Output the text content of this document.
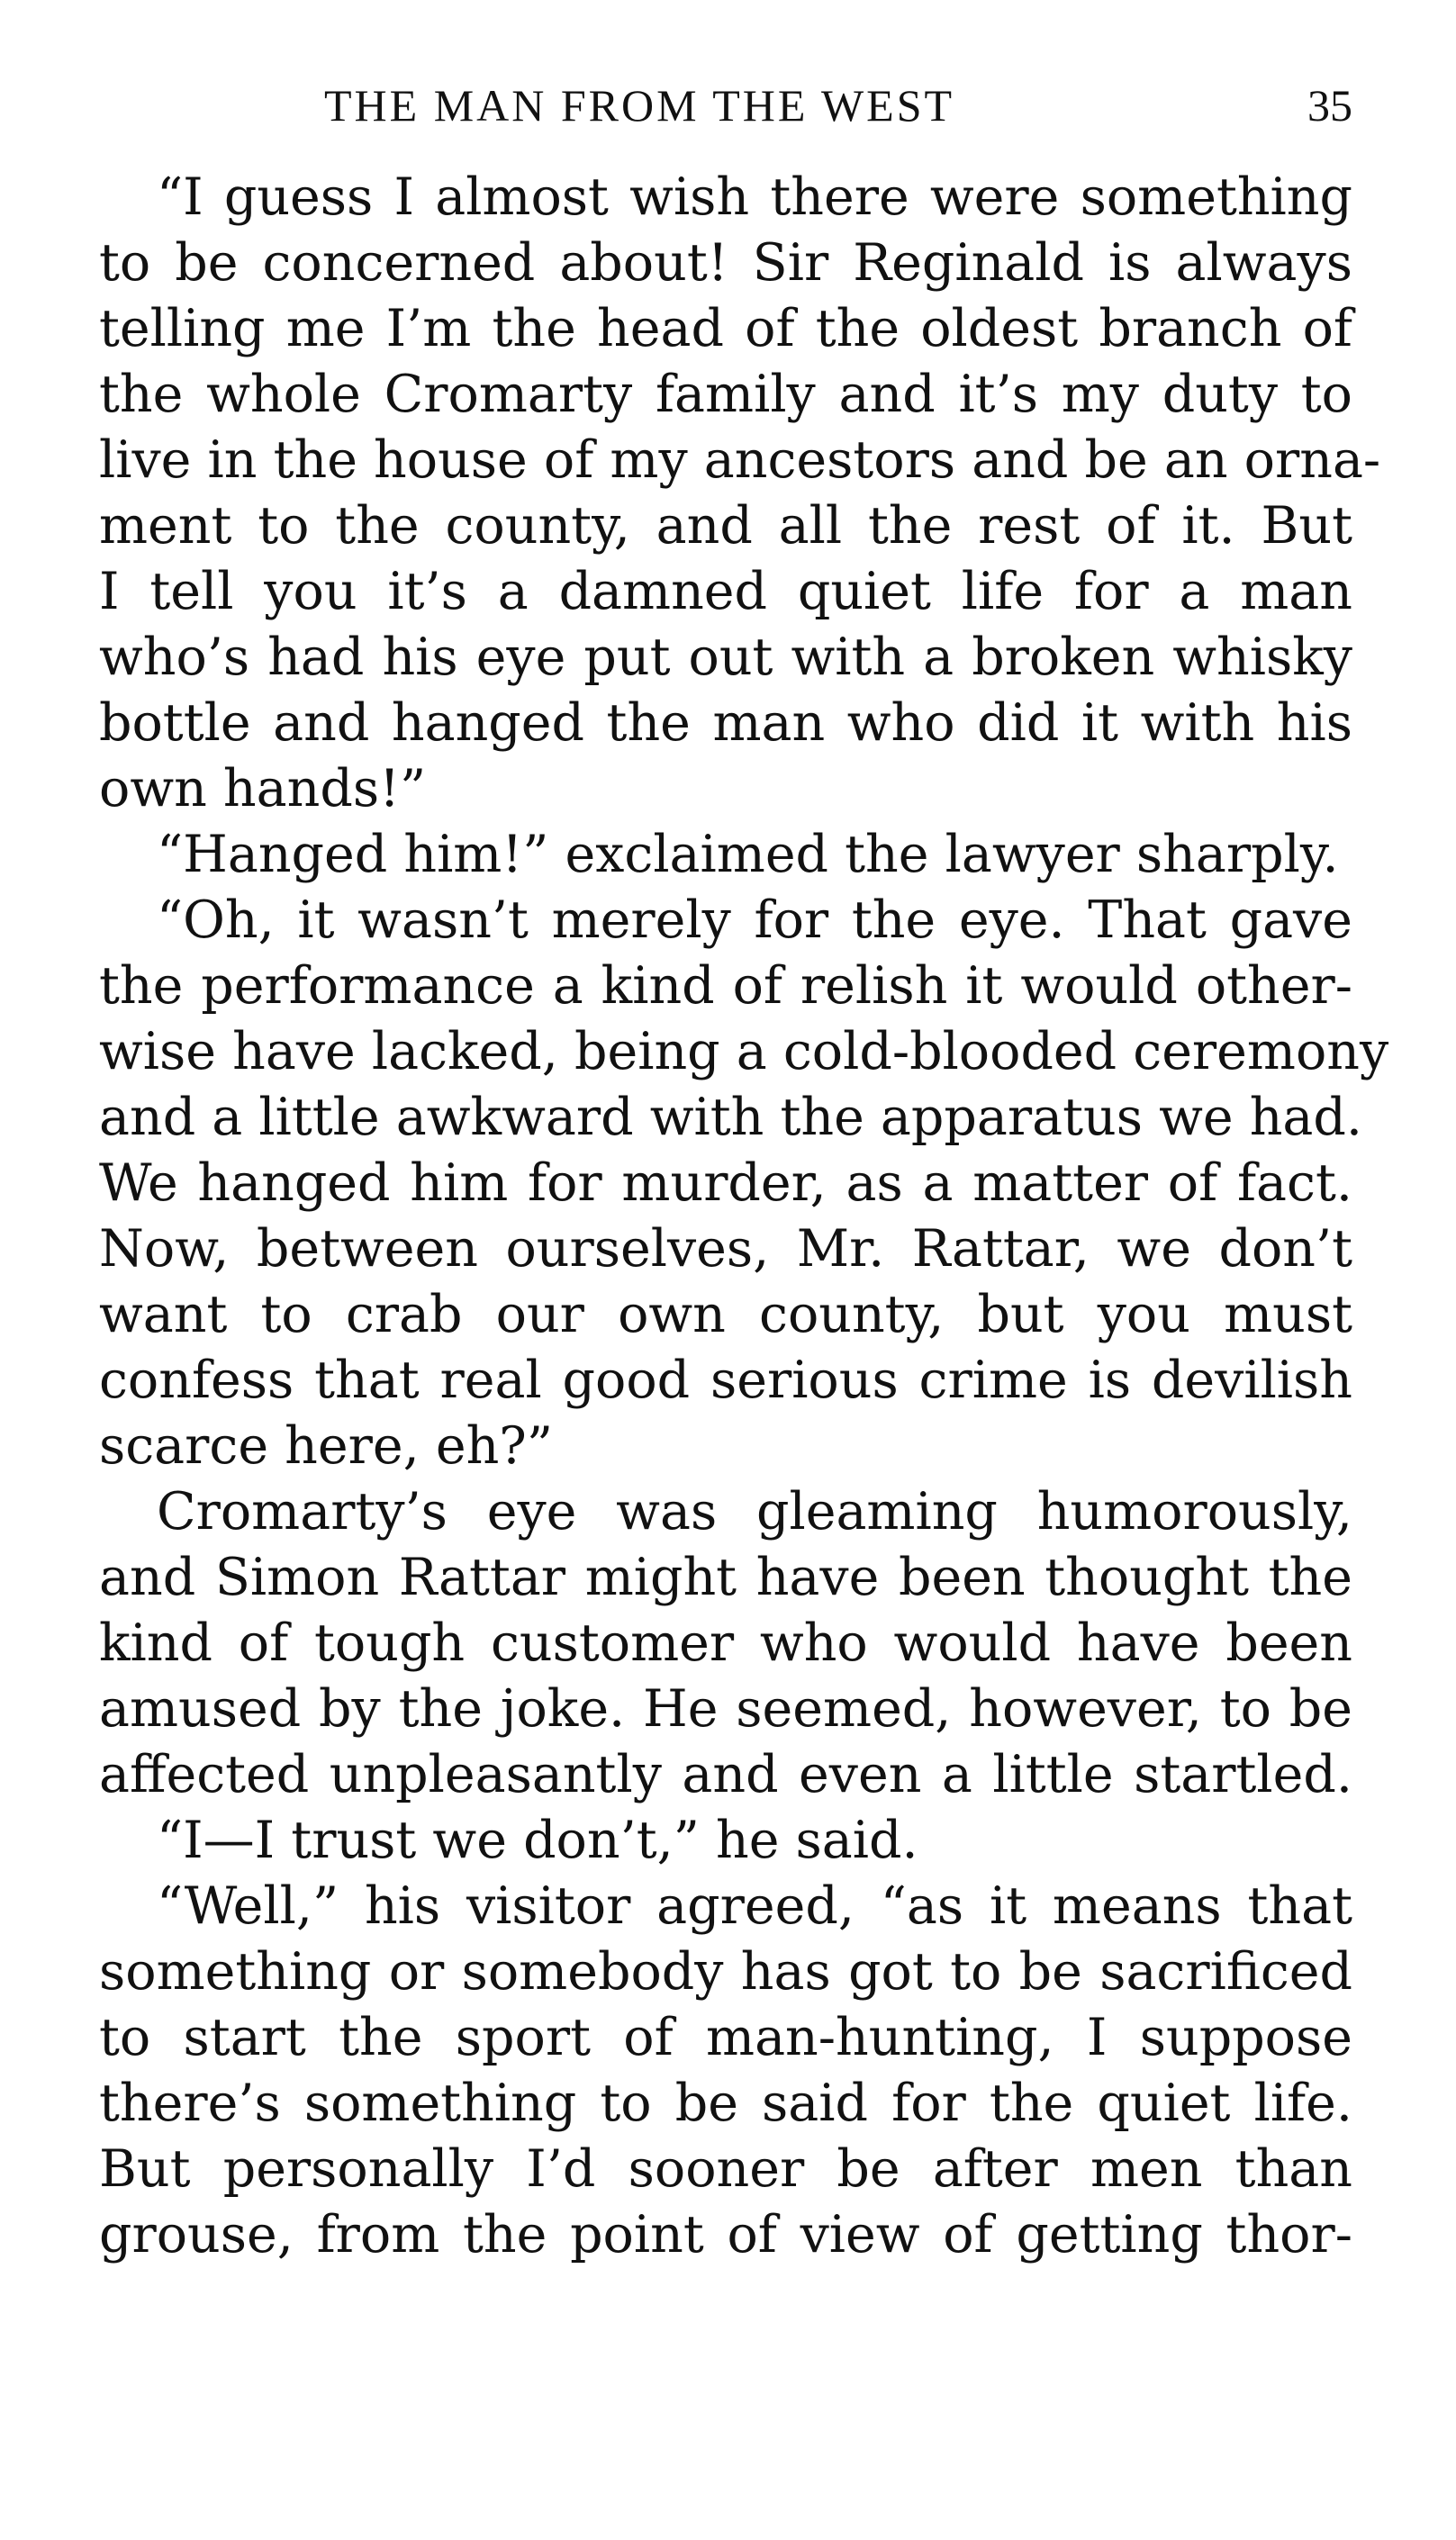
THE MAN FROM THE WEST	35
“I guess I almost wish there were something
to be concerned about! Sir Reginald is always
telling me I’m the head of the oldest branch of
the whole Cromarty family and it’s my duty to
live in the house of my ancestors and be an orna-
ment to the county, and all the rest of it. But
I tell you it’s a damned quiet life for a man
who’s had his eye put out with a broken whisky
bottle and hanged the man who did it with his
own hands!”
“Hanged him!” exclaimed the lawyer sharply.
“Oh, it wasn’t merely for the eye. That gave
the performance a kind of relish it would other-
wise have lacked, being a cold-blooded ceremony
and a little awkward with the apparatus we had.
We hanged him for murder, as a matter of fact.
Now, between ourselves, Mr. Rattar, we don’t
want to crab our own county, but you must
confess that real good serious crime is devilish
scarce here, eh?”
Cromarty’s eye was gleaming humorously,
and Simon Rattar might have been thought the
kind of tough customer who would have been
amused by the joke. He seemed, however, to be
affected unpleasantly and even a little startled.
“I—I trust we don’t,” he said.
“Well,” his visitor agreed, “as it means that
something or somebody has got to be sacrificed
to start the sport of man-hunting, I suppose
there’s something to be said for the quiet life.
But personally I’d sooner be after men than
grouse, from the point of view of getting thor-
